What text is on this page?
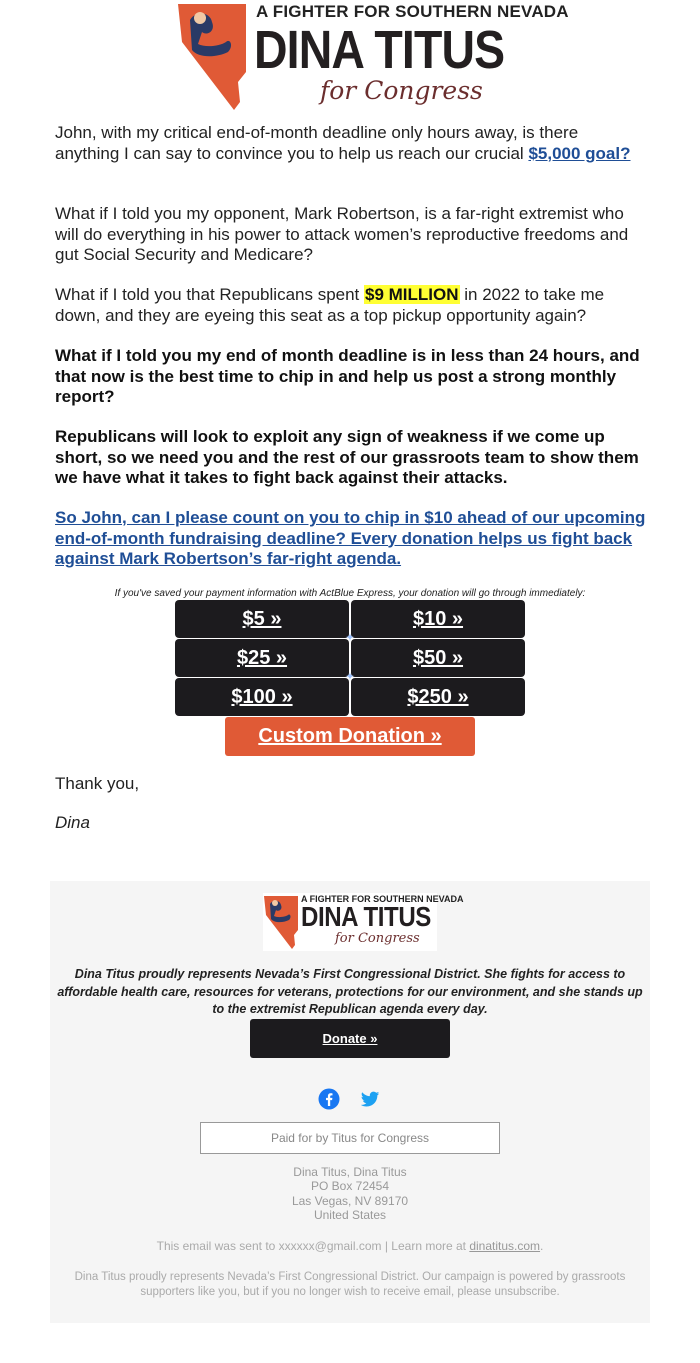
A FIGHTER FOR SOUTHERN NEVADA
DINA TITUS
for Congress

John, with my critical end-of-month deadline only hours away, is there anything I can say to convince you to help us reach our crucial $5,000 goal?

What if I told you my opponent, Mark Robertson, is a far-right extremist who will do everything in his power to attack women’s reproductive freedoms and gut Social Security and Medicare?

What if I told you that Republicans spent $9 MILLION in 2022 to take me down, and they are eyeing this seat as a top pickup opportunity again?

What if I told you my end of month deadline is in less than 24 hours, and that now is the best time to chip in and help us post a strong monthly report?

Republicans will look to exploit any sign of weakness if we come up short, so we need you and the rest of our grassroots team to show them we have what it takes to fight back against their attacks.

So John, can I please count on you to chip in $10 ahead of our upcoming end-of-month fundraising deadline? Every donation helps us fight back against Mark Robertson’s far-right agenda.
If you've saved your payment information with ActBlue Express, your donation will go through immediately:
$5 »	$10 »
$25 »	$50 »
$100 »	$250 »
✦
✦
Custom Donation »

Thank you,

Dina

A FIGHTER FOR SOUTHERN NEVADA
DINA TITUS
for Congress

Dina Titus proudly represents Nevada’s First Congressional District. She fights for access to affordable health care, resources for veterans, protections for our environment, and she stands up to the extremist Republican agenda every day.

Donate »
Paid for by Titus for Congress
Dina Titus, Dina Titus
PO Box 72454
Las Vegas, NV 89170
United States
This email was sent to xxxxxx@gmail.com | Learn more at dinatitus.com.

Dina Titus proudly represents Nevada’s First Congressional District. Our campaign is powered by grassroots supporters like you, but if you no longer wish to receive email, please unsubscribe.
